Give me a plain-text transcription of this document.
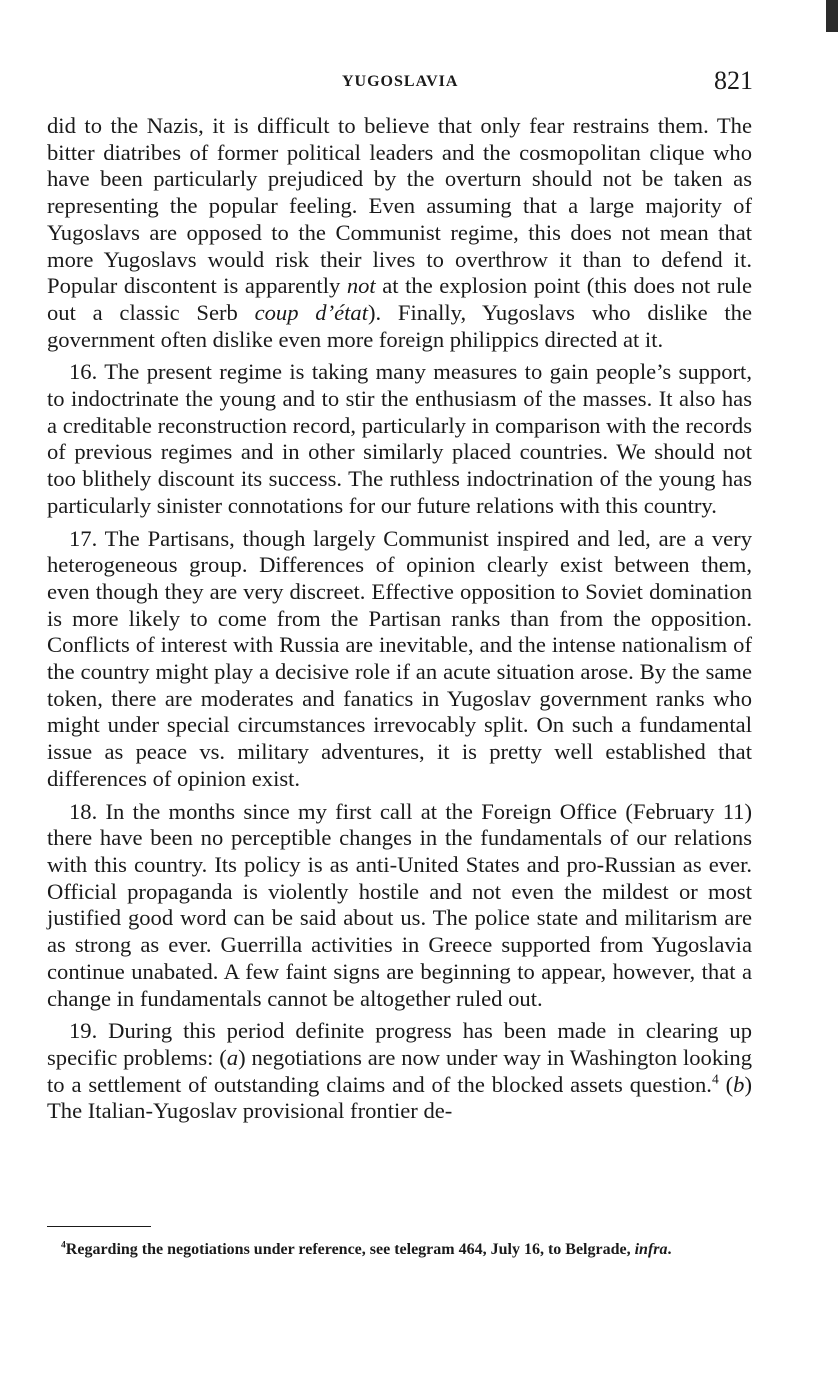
YUGOSLAVIA	821

did to the Nazis, it is difficult to believe that only fear restrains them. The bitter diatribes of former political leaders and the cosmopolitan clique who have been particularly prejudiced by the overturn should not be taken as representing the popular feeling. Even assuming that a large majority of Yugoslavs are opposed to the Communist regime, this does not mean that more Yugoslavs would risk their lives to overthrow it than to defend it. Popular discontent is apparently not at the explosion point (this does not rule out a classic Serb coup d’état). Finally, Yugoslavs who dislike the government often dislike even more foreign philippics directed at it.

16. The present regime is taking many measures to gain people’s support, to indoctrinate the young and to stir the enthusiasm of the masses. It also has a creditable reconstruction record, particularly in comparison with the records of previous regimes and in other similarly placed countries. We should not too blithely discount its success. The ruthless indoctrination of the young has particularly sinister connotations for our future relations with this country.

17. The Partisans, though largely Communist inspired and led, are a very heterogeneous group. Differences of opinion clearly exist between them, even though they are very discreet. Effective opposition to Soviet domination is more likely to come from the Partisan ranks than from the opposition. Conflicts of interest with Russia are inevitable, and the intense nationalism of the country might play a decisive role if an acute situation arose. By the same token, there are moderates and fanatics in Yugoslav government ranks who might under special circumstances irrevocably split. On such a fundamental issue as peace vs. military adventures, it is pretty well established that differences of opinion exist.

18. In the months since my first call at the Foreign Office (February 11) there have been no perceptible changes in the fundamentals of our relations with this country. Its policy is as anti-United States and pro-Russian as ever. Official propaganda is violently hostile and not even the mildest or most justified good word can be said about us. The police state and militarism are as strong as ever. Guerrilla activities in Greece supported from Yugoslavia continue unabated. A few faint signs are beginning to appear, however, that a change in fundamentals cannot be altogether ruled out.

19. During this period definite progress has been made in clearing up specific problems: (a) negotiations are now under way in Washington looking to a settlement of outstanding claims and of the blocked assets question.$^4$ (b) The Italian-Yugoslav provisional frontier de-

$^4$Regarding the negotiations under reference, see telegram 464, July 16, to Belgrade, infra.
